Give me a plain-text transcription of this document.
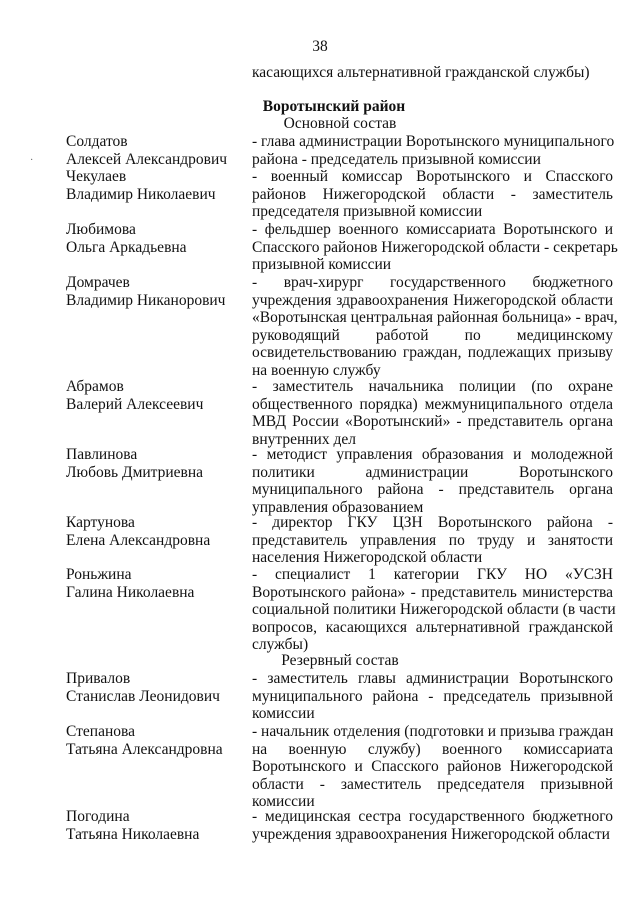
38
касающихся альтернативной гражданской службы)
Воротынский район
Основной состав
Резервный состав
·
Солдатов
Алексей Александрович
- глава администрации Воротынского муниципального
района - председатель призывной комиссии
Чекулаев
Владимир Николаевич
- военный комиссар Воротынского и Спасского
районов Нижегородской области - заместитель
председателя призывной комиссии
Любимова
Ольга Аркадьевна
- фельдшер военного комиссариата Воротынского и
Спасского районов Нижегородской области - секретарь
призывной комиссии
Домрачев
Владимир Никанорович
- врач-хирург государственного бюджетного
учреждения здравоохранения Нижегородской области
«Воротынская центральная районная больница» - врач,
руководящий работой по медицинскому
освидетельствованию граждан, подлежащих призыву
на военную службу
Абрамов
Валерий Алексеевич
- заместитель начальника полиции (по охране
общественного порядка) межмуниципального отдела
МВД России «Воротынский» - представитель органа
внутренних дел
Павлинова
Любовь Дмитриевна
- методист управления образования и молодежной
политики администрации Воротынского
муниципального района - представитель органа
управления образованием
Картунова
Елена Александровна
- директор ГКУ ЦЗН Воротынского района -
представитель управления по труду и занятости
населения Нижегородской области
Роньжина
Галина Николаевна
- специалист 1 категории ГКУ НО «УСЗН
Воротынского района» - представитель министерства
социальной политики Нижегородской области (в части
вопросов, касающихся альтернативной гражданской
службы)
Привалов
Станислав Леонидович
- заместитель главы администрации Воротынского
муниципального района - председатель призывной
комиссии
Степанова
Татьяна Александровна
- начальник отделения (подготовки и призыва граждан
на военную службу) военного комиссариата
Воротынского и Спасского районов Нижегородской
области - заместитель председателя призывной
комиссии
Погодина
Татьяна Николаевна
- медицинская сестра государственного бюджетного
учреждения здравоохранения Нижегородской области
